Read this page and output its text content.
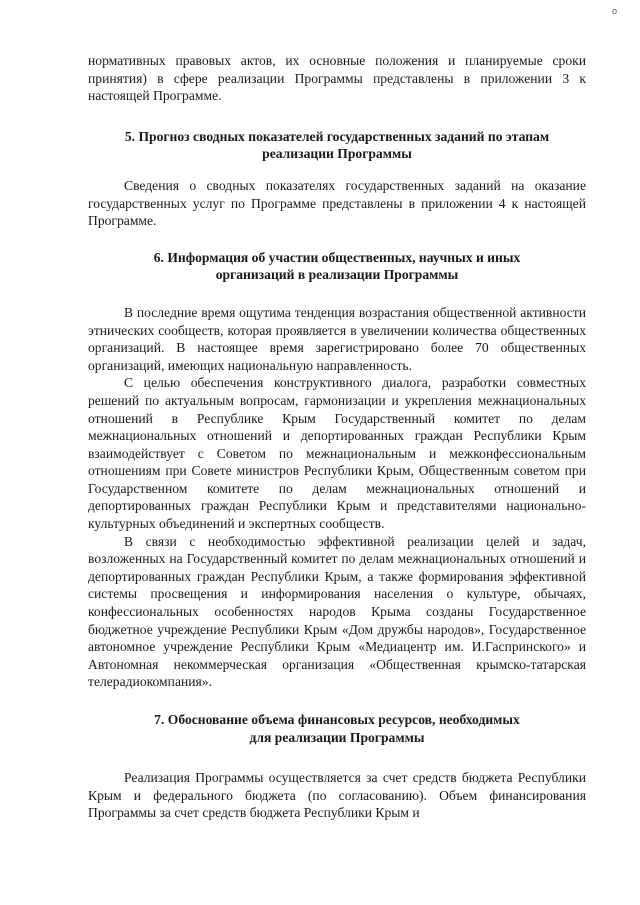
o

нормативных правовых актов, их основные положения и планируемые сроки принятия) в сфере реализации Программы представлены в приложении 3 к настоящей Программе.

5. Прогноз сводных показателей государственных заданий по этапам
реализации Программы

Сведения о сводных показателях государственных заданий на оказание государственных услуг по Программе представлены в приложении 4 к настоящей Программе.

6. Информация об участии общественных, научных и иных
организаций в реализации Программы

В последние время ощутима тенденция возрастания общественной активности этнических сообществ, которая проявляется в увеличении количества общественных организаций. В настоящее время зарегистрировано более 70 общественных организаций, имеющих национальную направленность.

С целью обеспечения конструктивного диалога, разработки совместных решений по актуальным вопросам, гармонизации и укрепления межнациональных отношений в Республике Крым Государственный комитет по делам межнациональных отношений и депортированных граждан Республики Крым взаимодействует с Советом по межнациональным и межконфессиональным отношениям при Совете министров Республики Крым, Общественным советом при Государственном комитете по делам межнациональных отношений и депортированных граждан Республики Крым и представителями национально-культурных объединений и экспертных сообществ.

В связи с необходимостью эффективной реализации целей и задач, возложенных на Государственный комитет по делам межнациональных отношений и депортированных граждан Республики Крым, а также формирования эффективной системы просвещения и информирования населения о культуре, обычаях, конфессиональных особенностях народов Крыма созданы Государственное бюджетное учреждение Республики Крым «Дом дружбы народов», Государственное автономное учреждение Республики Крым «Медиацентр им. И.Гаспринского» и Автономная некоммерческая организация «Общественная крымско-татарская телерадиокомпания».

7. Обоснование объема финансовых ресурсов, необходимых
для реализации Программы

Реализация Программы осуществляется за счет средств бюджета Республики Крым и федерального бюджета (по согласованию). Объем финансирования Программы за счет средств бюджета Республики Крым и
